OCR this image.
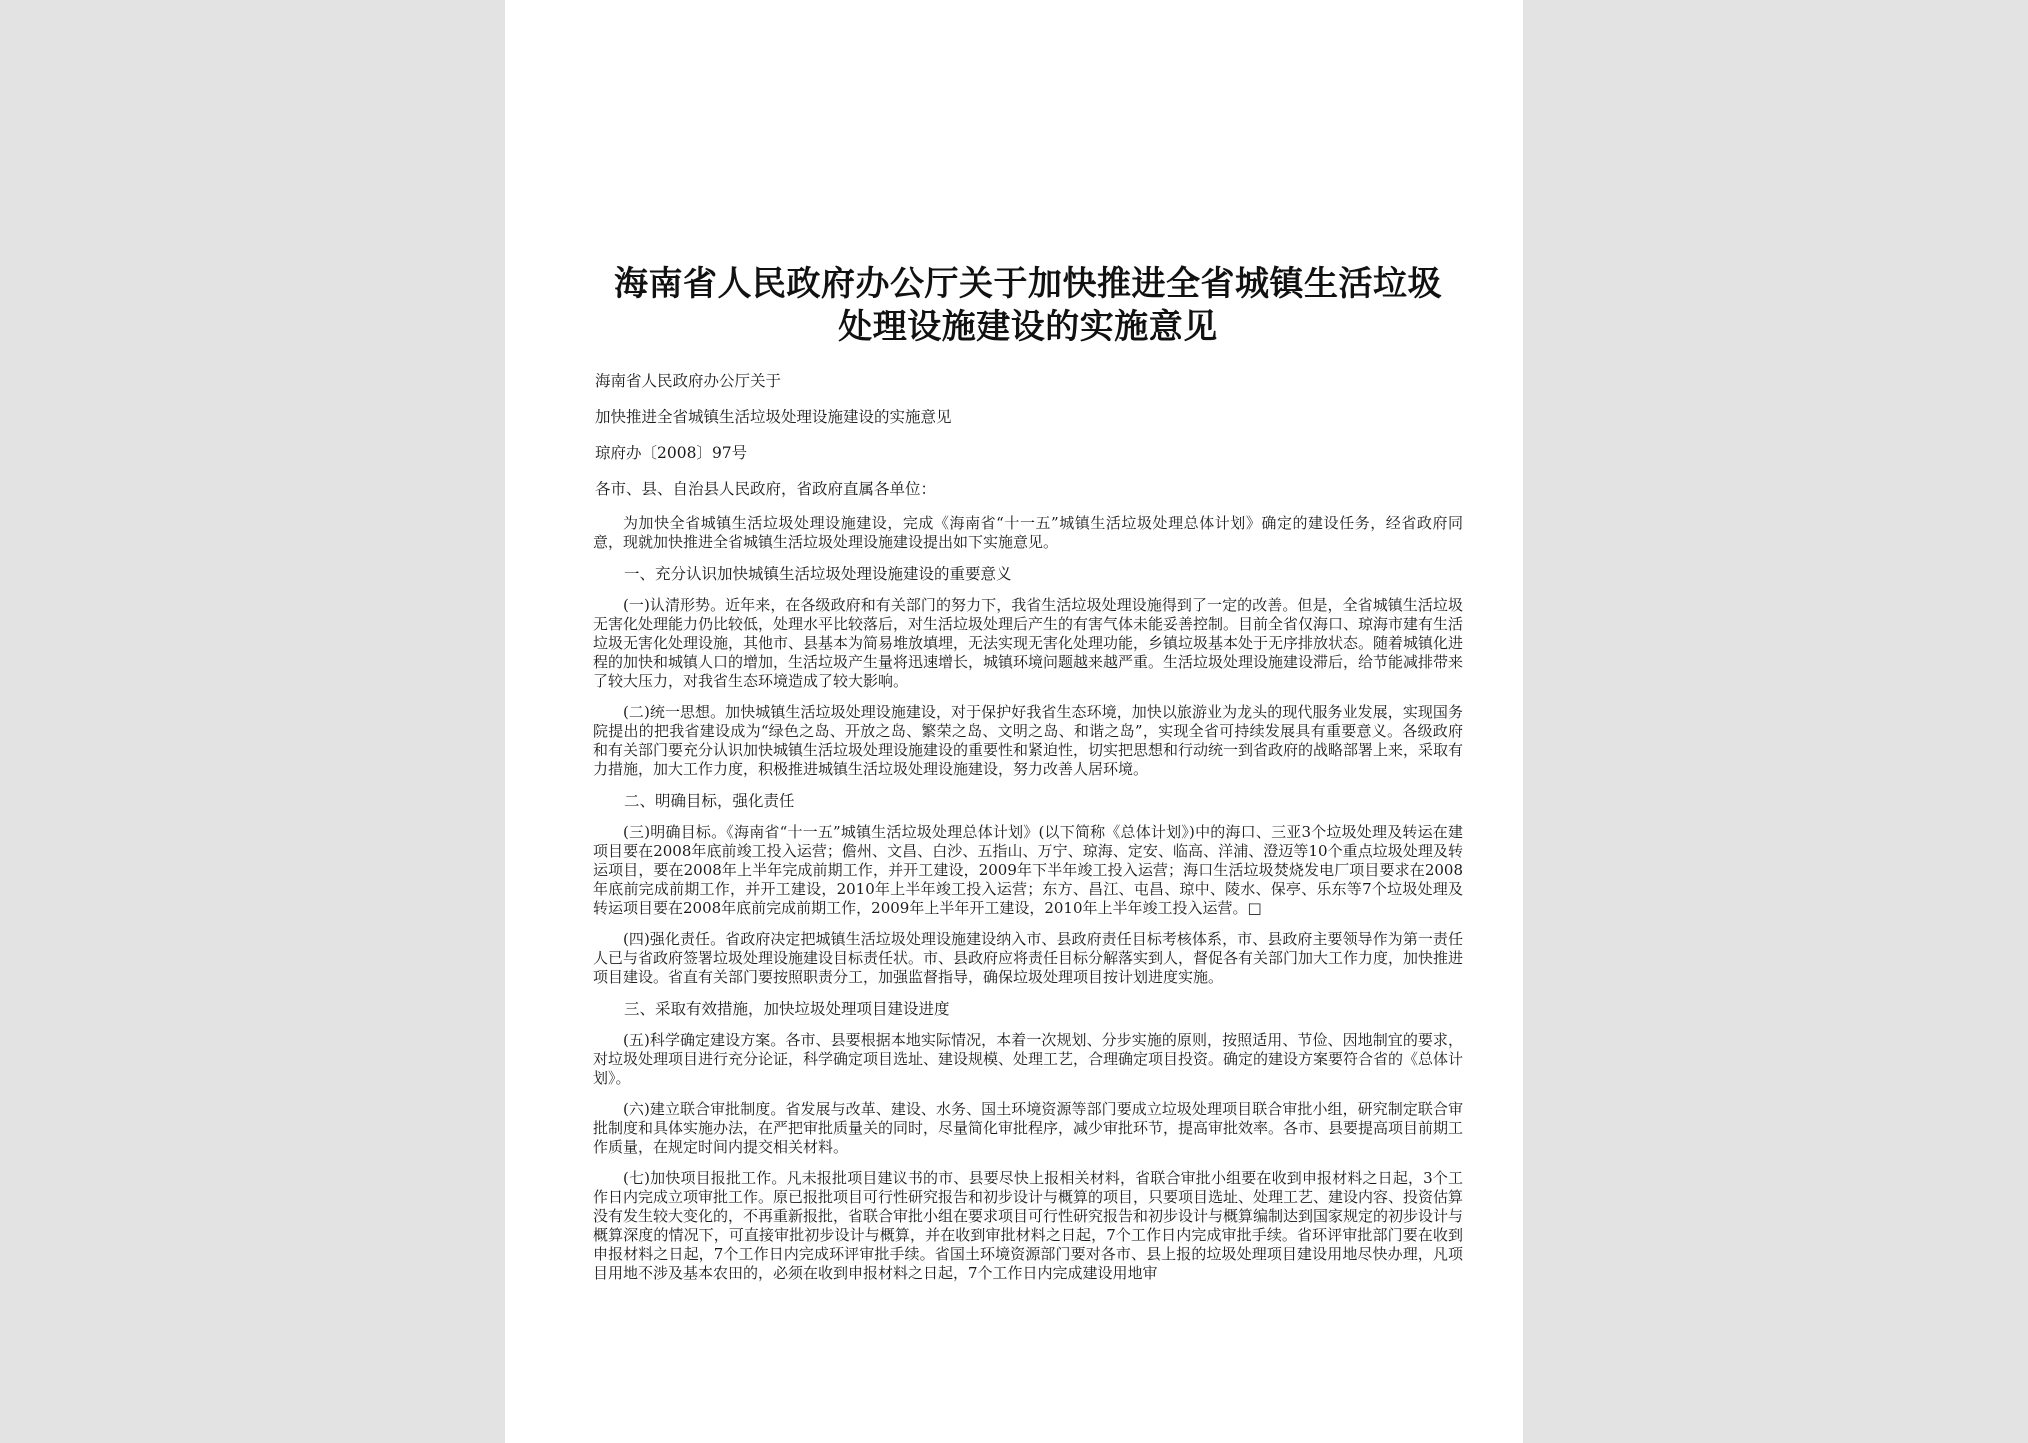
海南省人民政府办公厅关于加快推进全省城镇生活垃圾
处理设施建设的实施意见

海南省人民政府办公厅关于

加快推进全省城镇生活垃圾处理设施建设的实施意见

琼府办〔2008〕97号

各市、县、自治县人民政府，省政府直属各单位：

为加快全省城镇生活垃圾处理设施建设，完成《海南省“十一五”城镇生活垃圾处理总体计划》确定的建设任务，经省政府同意，现就加快推进全省城镇生活垃圾处理设施建设提出如下实施意见。

一、充分认识加快城镇生活垃圾处理设施建设的重要意义

(一)认清形势。近年来，在各级政府和有关部门的努力下，我省生活垃圾处理设施得到了一定的改善。但是，全省城镇生活垃圾无害化处理能力仍比较低，处理水平比较落后，对生活垃圾处理后产生的有害气体未能妥善控制。目前全省仅海口、琼海市建有生活垃圾无害化处理设施，其他市、县基本为简易堆放填埋，无法实现无害化处理功能，乡镇垃圾基本处于无序排放状态。随着城镇化进程的加快和城镇人口的增加，生活垃圾产生量将迅速增长，城镇环境问题越来越严重。生活垃圾处理设施建设滞后，给节能减排带来了较大压力，对我省生态环境造成了较大影响。

(二)统一思想。加快城镇生活垃圾处理设施建设，对于保护好我省生态环境，加快以旅游业为龙头的现代服务业发展，实现国务院提出的把我省建设成为“绿色之岛、开放之岛、繁荣之岛、文明之岛、和谐之岛”，实现全省可持续发展具有重要意义。各级政府和有关部门要充分认识加快城镇生活垃圾处理设施建设的重要性和紧迫性，切实把思想和行动统一到省政府的战略部署上来，采取有力措施，加大工作力度，积极推进城镇生活垃圾处理设施建设，努力改善人居环境。

二、明确目标，强化责任

(三)明确目标。《海南省“十一五”城镇生活垃圾处理总体计划》(以下简称《总体计划》)中的海口、三亚3个垃圾处理及转运在建项目要在2008年底前竣工投入运营；儋州、文昌、白沙、五指山、万宁、琼海、定安、临高、洋浦、澄迈等10个重点垃圾处理及转运项目，要在2008年上半年完成前期工作，并开工建设，2009年下半年竣工投入运营；海口生活垃圾焚烧发电厂项目要求在2008年底前完成前期工作，并开工建设，2010年上半年竣工投入运营；东方、昌江、屯昌、琼中、陵水、保亭、乐东等7个垃圾处理及转运项目要在2008年底前完成前期工作，2009年上半年开工建设，2010年上半年竣工投入运营。□

(四)强化责任。省政府决定把城镇生活垃圾处理设施建设纳入市、县政府责任目标考核体系，市、县政府主要领导作为第一责任人已与省政府签署垃圾处理设施建设目标责任状。市、县政府应将责任目标分解落实到人，督促各有关部门加大工作力度，加快推进项目建设。省直有关部门要按照职责分工，加强监督指导，确保垃圾处理项目按计划进度实施。

三、采取有效措施，加快垃圾处理项目建设进度

(五)科学确定建设方案。各市、县要根据本地实际情况，本着一次规划、分步实施的原则，按照适用、节俭、因地制宜的要求，对垃圾处理项目进行充分论证，科学确定项目选址、建设规模、处理工艺，合理确定项目投资。确定的建设方案要符合省的《总体计划》。

(六)建立联合审批制度。省发展与改革、建设、水务、国土环境资源等部门要成立垃圾处理项目联合审批小组，研究制定联合审批制度和具体实施办法，在严把审批质量关的同时，尽量简化审批程序，减少审批环节，提高审批效率。各市、县要提高项目前期工作质量，在规定时间内提交相关材料。

(七)加快项目报批工作。凡未报批项目建议书的市、县要尽快上报相关材料，省联合审批小组要在收到申报材料之日起，3个工作日内完成立项审批工作。原已报批项目可行性研究报告和初步设计与概算的项目，只要项目选址、处理工艺、建设内容、投资估算没有发生较大变化的，不再重新报批，省联合审批小组在要求项目可行性研究报告和初步设计与概算编制达到国家规定的初步设计与概算深度的情况下，可直接审批初步设计与概算，并在收到审批材料之日起，7个工作日内完成审批手续。省环评审批部门要在收到申报材料之日起，7个工作日内完成环评审批手续。省国土环境资源部门要对各市、县上报的垃圾处理项目建设用地尽快办理，凡项目用地不涉及基本农田的，必须在收到申报材料之日起，7个工作日内完成建设用地审
